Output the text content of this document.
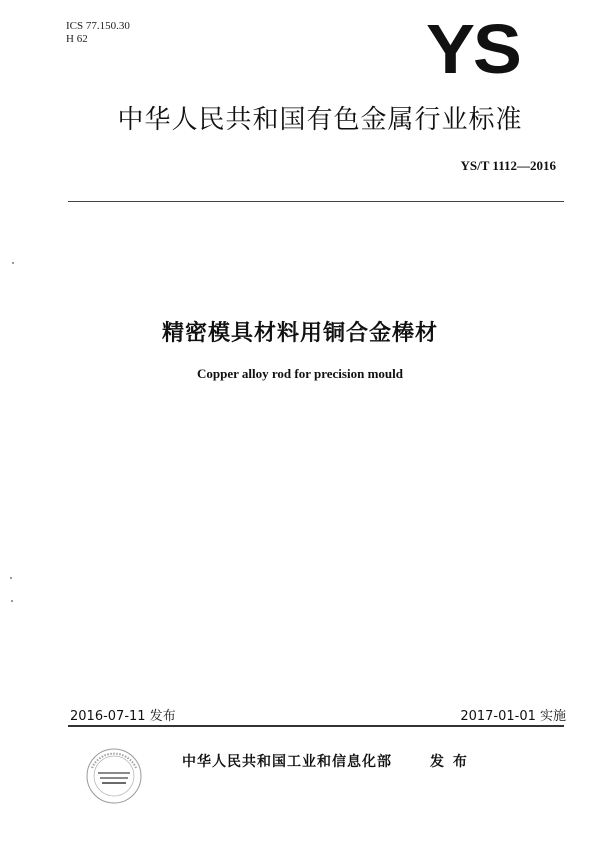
ICS 77.150.30
H 62	YS
中华人民共和国有色金属行业标准
YS/T 1112—2016
精密模具材料用铜合金棒材
Copper alloy rod for precision mould
2016-07-11 发布	2017-01-01 实施
中华人民共和国工业和信息化部	发 布
